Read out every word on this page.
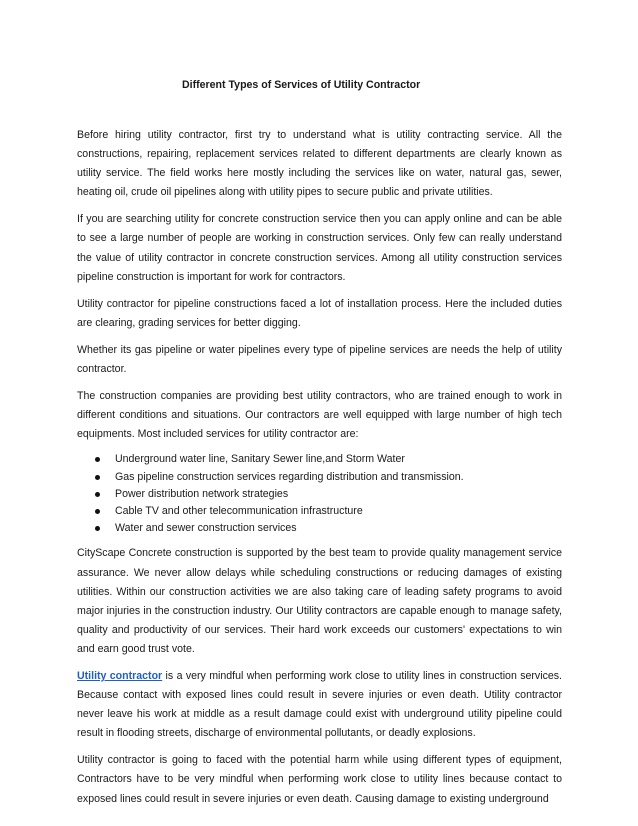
Different Types of Services of Utility Contractor

Before hiring utility contractor, first try to understand what is utility contracting service. All the constructions, repairing, replacement services related to different departments are clearly known as utility service. The field works here mostly including the services like on water, natural gas, sewer, heating oil, crude oil pipelines along with utility pipes to secure public and private utilities.

If you are searching utility for concrete construction service then you can apply online and can be able to see a large number of people are working in construction services. Only few can really understand the value of utility contractor in concrete construction services. Among all utility construction services pipeline construction is important for work for contractors.

Utility contractor for pipeline constructions faced a lot of installation process. Here the included duties are clearing, grading services for better digging.

Whether its gas pipeline or water pipelines every type of pipeline services are needs the help of utility contractor.

The construction companies are providing best utility contractors, who are trained enough to work in different conditions and situations. Our contractors are well equipped with large number of high tech equipments. Most included services for utility contractor are:

Underground water line, Sanitary Sewer line,and Storm Water
Gas pipeline construction services regarding distribution and transmission.
Power distribution network strategies
Cable TV and other telecommunication infrastructure
Water and sewer construction services

CityScape Concrete construction is supported by the best team to provide quality management service assurance. We never allow delays while scheduling constructions or reducing damages of existing utilities. Within our construction activities we are also taking care of leading safety programs to avoid major injuries in the construction industry. Our Utility contractors are capable enough to manage safety, quality and productivity of our services. Their hard work exceeds our customers' expectations to win and earn good trust vote.

Utility contractor is a very mindful when performing work close to utility lines in construction services. Because contact with exposed lines could result in severe injuries or even death. Utility contractor never leave his work at middle as a result damage could exist with underground utility pipeline could result in flooding streets, discharge of environmental pollutants, or deadly explosions.

Utility contractor is going to faced with the potential harm while using different types of equipment, Contractors have to be very mindful when performing work close to utility lines because contact to exposed lines could result in severe injuries or even death. Causing damage to existing underground
